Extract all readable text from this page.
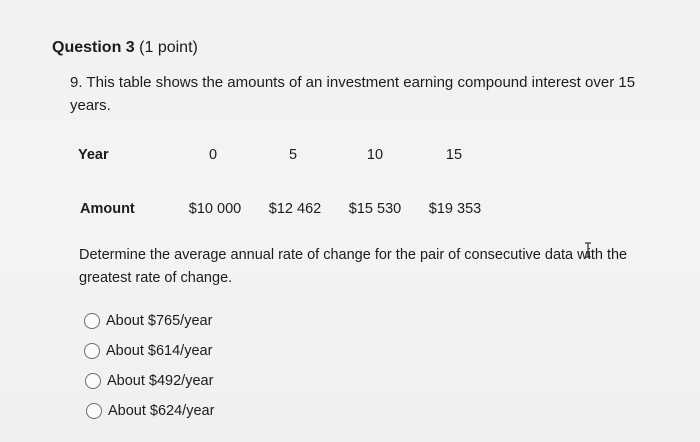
Question 3 (1 point)
9. This table shows the amounts of an investment earning compound interest over 15 years.
Year	0	5	10	15
Amount	$10 000	$12 462	$15 530	$19 353
Determine the average annual rate of change for the pair of consecutive data with the greatest rate of change.
About $765/year
About $614/year
About $492/year
About $624/year
